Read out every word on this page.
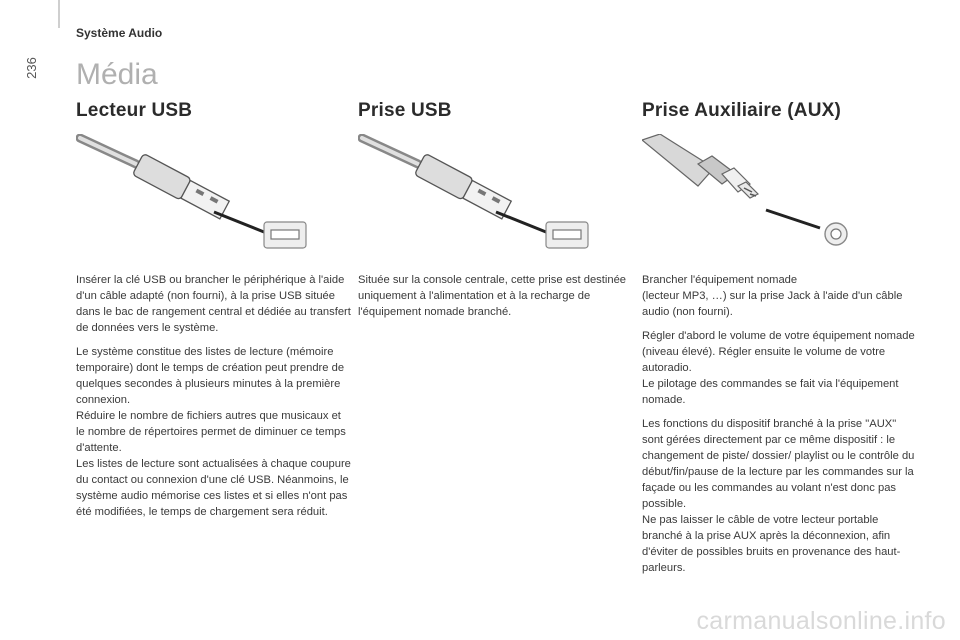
236
Système Audio
Média
Lecteur USB

Insérer la clé USB ou brancher le périphérique à l'aide d'un câble adapté (non fourni), à la prise USB située dans le bac de rangement central et dédiée au transfert de données vers le système.

Le système constitue des listes de lecture (mémoire temporaire) dont le temps de création peut prendre de quelques secondes à plusieurs minutes à la première connexion.
Réduire le nombre de fichiers autres que musicaux et le nombre de répertoires permet de diminuer ce temps d'attente.
Les listes de lecture sont actualisées à chaque coupure du contact ou connexion d'une clé USB. Néanmoins, le système audio mémorise ces listes et si elles n'ont pas été modifiées, le temps de chargement sera réduit.

Prise USB

Située sur la console centrale, cette prise est destinée uniquement à l'alimentation et à la recharge de l'équipement nomade branché.

Prise Auxiliaire (AUX)

Brancher l'équipement nomade
(lecteur MP3, …) sur la prise Jack à l'aide d'un câble audio (non fourni).

Régler d'abord le volume de votre équipement nomade (niveau élevé). Régler ensuite le volume de votre autoradio.
Le pilotage des commandes se fait via l'équipement nomade.

Les fonctions du dispositif branché à la prise "AUX" sont gérées directement par ce même dispositif : le changement de piste/ dossier/ playlist ou le contrôle du début/fin/pause de la lecture par les commandes sur la façade ou les commandes au volant n'est donc pas possible.
Ne pas laisser le câble de votre lecteur portable branché à la prise AUX après la déconnexion, afin d'éviter de possibles bruits en provenance des haut-parleurs.

carmanualsonline.info
